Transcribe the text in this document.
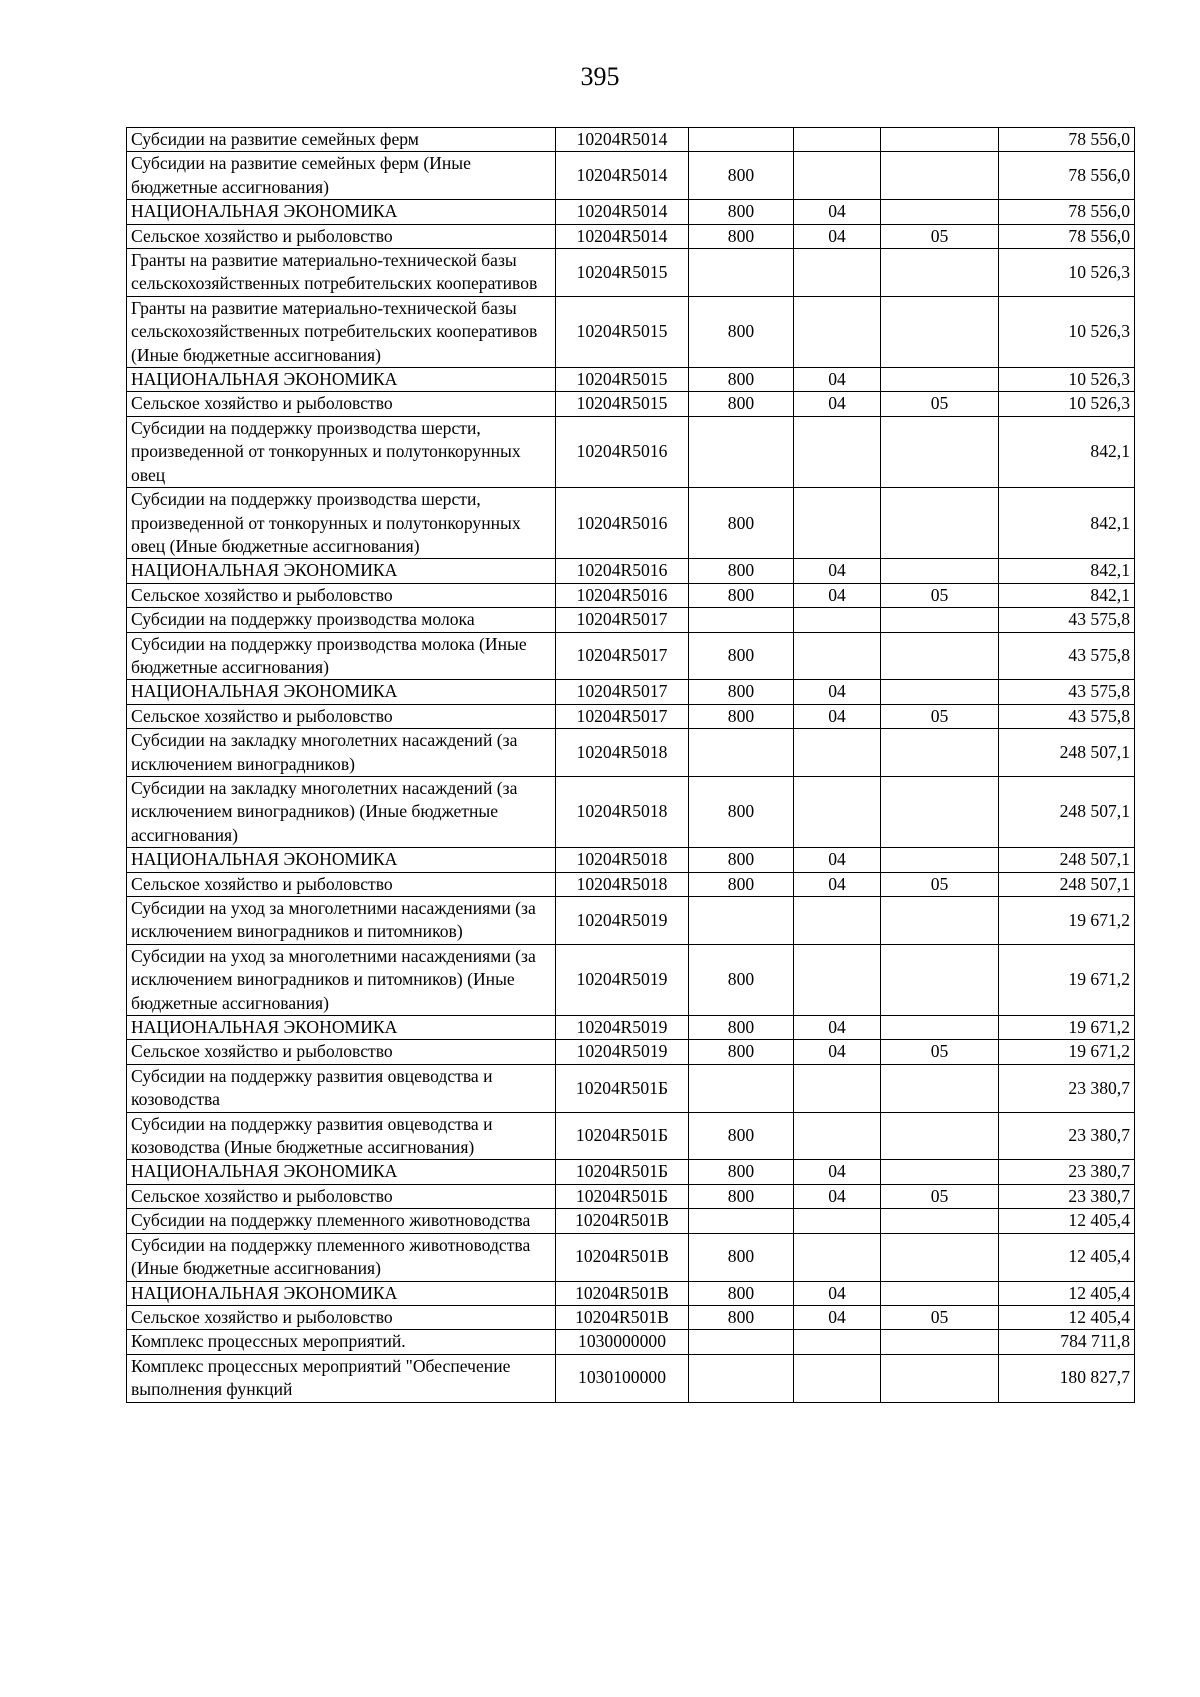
395
Субсидии на развитие семейных ферм	10204R5014				78 556,0
Субсидии на развитие семейных ферм (Иные бюджетные ассигнования)	10204R5014	800			78 556,0
НАЦИОНАЛЬНАЯ ЭКОНОМИКА	10204R5014	800	04		78 556,0
Сельское хозяйство и рыболовство	10204R5014	800	04	05	78 556,0
Гранты на развитие материально-технической базы сельскохозяйственных потребительских кооперативов	10204R5015				10 526,3
Гранты на развитие материально-технической базы сельскохозяйственных потребительских кооперативов (Иные бюджетные ассигнования)	10204R5015	800			10 526,3
НАЦИОНАЛЬНАЯ ЭКОНОМИКА	10204R5015	800	04		10 526,3
Сельское хозяйство и рыболовство	10204R5015	800	04	05	10 526,3
Субсидии на поддержку производства шерсти, произведенной от тонкорунных и полутонкорунных овец	10204R5016				842,1
Субсидии на поддержку производства шерсти, произведенной от тонкорунных и полутонкорунных овец (Иные бюджетные ассигнования)	10204R5016	800			842,1
НАЦИОНАЛЬНАЯ ЭКОНОМИКА	10204R5016	800	04		842,1
Сельское хозяйство и рыболовство	10204R5016	800	04	05	842,1
Субсидии на поддержку производства молока	10204R5017				43 575,8
Субсидии на поддержку производства молока (Иные бюджетные ассигнования)	10204R5017	800			43 575,8
НАЦИОНАЛЬНАЯ ЭКОНОМИКА	10204R5017	800	04		43 575,8
Сельское хозяйство и рыболовство	10204R5017	800	04	05	43 575,8
Субсидии на закладку многолетних насаждений (за исключением виноградников)	10204R5018				248 507,1
Субсидии на закладку многолетних насаждений (за исключением виноградников) (Иные бюджетные ассигнования)	10204R5018	800			248 507,1
НАЦИОНАЛЬНАЯ ЭКОНОМИКА	10204R5018	800	04		248 507,1
Сельское хозяйство и рыболовство	10204R5018	800	04	05	248 507,1
Субсидии на уход за многолетними насаждениями (за исключением виноградников и питомников)	10204R5019				19 671,2
Субсидии на уход за многолетними насаждениями (за исключением виноградников и питомников) (Иные бюджетные ассигнования)	10204R5019	800			19 671,2
НАЦИОНАЛЬНАЯ ЭКОНОМИКА	10204R5019	800	04		19 671,2
Сельское хозяйство и рыболовство	10204R5019	800	04	05	19 671,2
Субсидии на поддержку развития овцеводства и козоводства	10204R501Б				23 380,7
Субсидии на поддержку развития овцеводства и козоводства (Иные бюджетные ассигнования)	10204R501Б	800			23 380,7
НАЦИОНАЛЬНАЯ ЭКОНОМИКА	10204R501Б	800	04		23 380,7
Сельское хозяйство и рыболовство	10204R501Б	800	04	05	23 380,7
Субсидии на поддержку племенного животноводства	10204R501В				12 405,4
Субсидии на поддержку племенного животноводства (Иные бюджетные ассигнования)	10204R501В	800			12 405,4
НАЦИОНАЛЬНАЯ ЭКОНОМИКА	10204R501В	800	04		12 405,4
Сельское хозяйство и рыболовство	10204R501В	800	04	05	12 405,4
Комплекс процессных мероприятий.	1030000000				784 711,8
Комплекс процессных мероприятий "Обеспечение выполнения функций	1030100000				180 827,7
